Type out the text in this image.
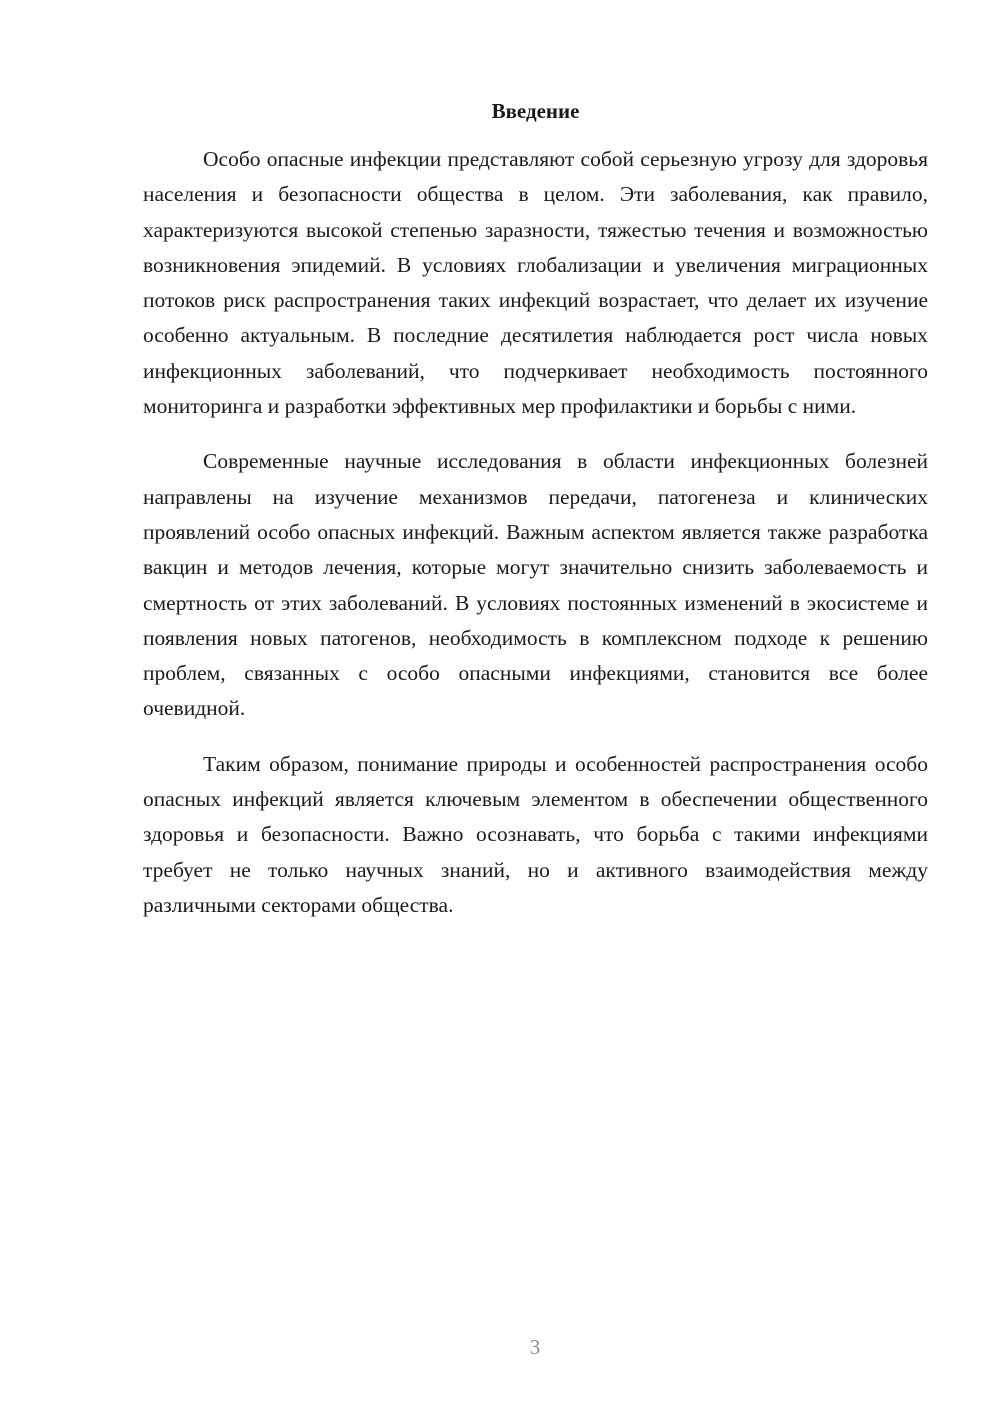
Введение

Особо опасные инфекции представляют собой серьезную угрозу для здоровья населения и безопасности общества в целом. Эти заболевания, как правило, характеризуются высокой степенью заразности, тяжестью течения и возможностью возникновения эпидемий. В условиях глобализации и увеличения миграционных потоков риск распространения таких инфекций возрастает, что делает их изучение особенно актуальным. В последние десятилетия наблюдается рост числа новых инфекционных заболеваний, что подчеркивает необходимость постоянного мониторинга и разработки эффективных мер профилактики и борьбы с ними.

Современные научные исследования в области инфекционных болезней направлены на изучение механизмов передачи, патогенеза и клинических проявлений особо опасных инфекций. Важным аспектом является также разработка вакцин и методов лечения, которые могут значительно снизить заболеваемость и смертность от этих заболеваний. В условиях постоянных изменений в экосистеме и появления новых патогенов, необходимость в комплексном подходе к решению проблем, связанных с особо опасными инфекциями, становится все более очевидной.

Таким образом, понимание природы и особенностей распространения особо опасных инфекций является ключевым элементом в обеспечении общественного здоровья и безопасности. Важно осознавать, что борьба с такими инфекциями требует не только научных знаний, но и активного взаимодействия между различными секторами общества.

3
